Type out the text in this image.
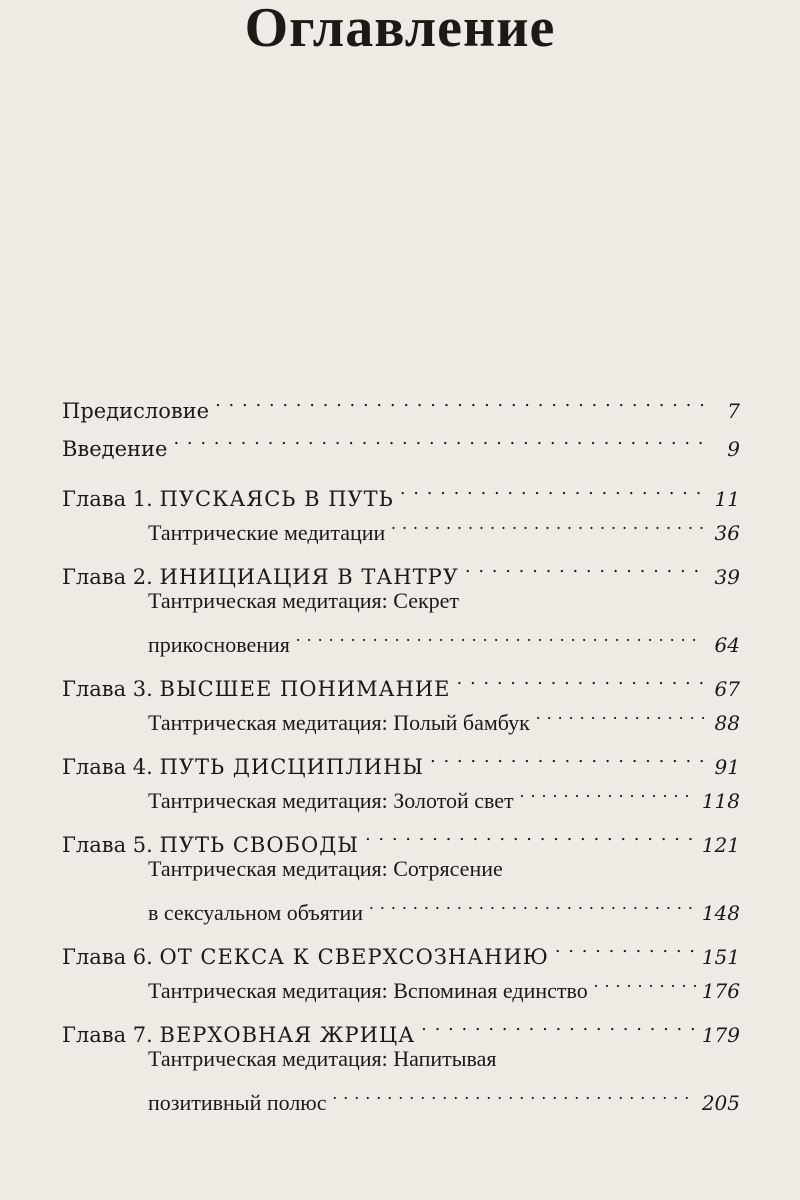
Оглавление
Предисловие . . .	7
Введение . . .	9
Глава 1. ПУСКАЯСЬ В ПУТЬ . . .	11
Тантрические медитации . . .	36
Глава 2. ИНИЦИАЦИЯ В ТАНТРУ . . .	39
Тантрическая медитация: Секрет
прикосновения . . .	64
Глава 3. ВЫСШЕЕ ПОНИМАНИЕ . . .	67
Тантрическая медитация: Полый бамбук . . .	88
Глава 4. ПУТЬ ДИСЦИПЛИНЫ . . .	91
Тантрическая медитация: Золотой свет . . .	118
Глава 5. ПУТЬ СВОБОДЫ . . .	121
Тантрическая медитация: Сотрясение
в сексуальном объятии . . .	148
Глава 6. ОТ СЕКСА К СВЕРХСОЗНАНИЮ . . .	151
Тантрическая медитация: Вспоминая единство . . .	176
Глава 7. ВЕРХОВНАЯ ЖРИЦА . . .	179
Тантрическая медитация: Напитывая
позитивный полюс . . .	205
